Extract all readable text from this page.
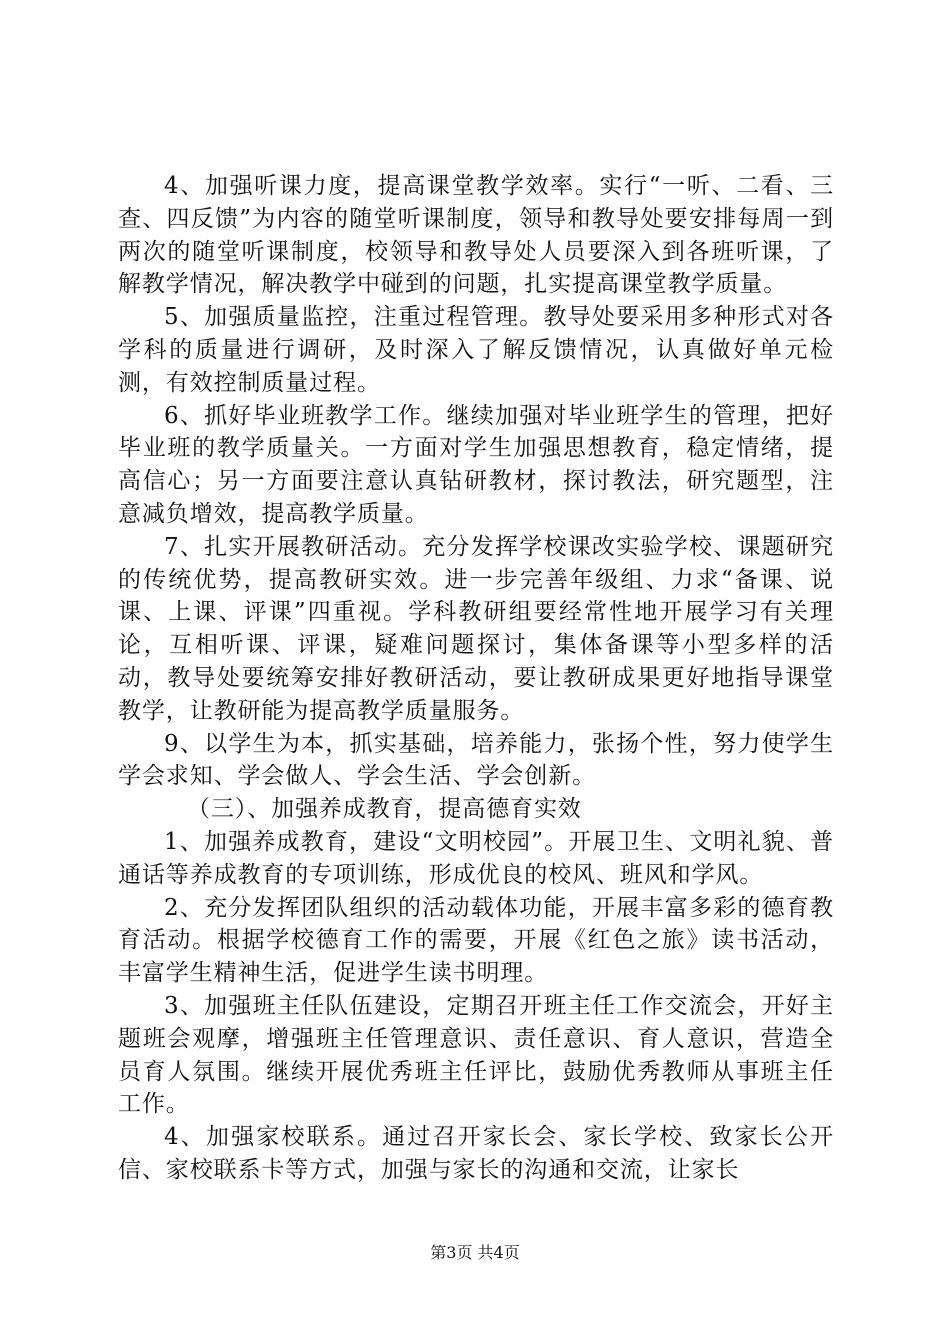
4、加强听课力度，提高课堂教学效率。实行“一听、二看、三查、四反馈”为内容的随堂听课制度，领导和教导处要安排每周一到两次的随堂听课制度，校领导和教导处人员要深入到各班听课，了解教学情况，解决教学中碰到的问题，扎实提高课堂教学质量。

5、加强质量监控，注重过程管理。教导处要采用多种形式对各学科的质量进行调研，及时深入了解反馈情况，认真做好单元检测，有效控制质量过程。

6、抓好毕业班教学工作。继续加强对毕业班学生的管理，把好毕业班的教学质量关。一方面对学生加强思想教育，稳定情绪，提高信心；另一方面要注意认真钻研教材，探讨教法，研究题型，注意减负增效，提高教学质量。

7、扎实开展教研活动。充分发挥学校课改实验学校、课题研究的传统优势，提高教研实效。进一步完善年级组、力求“备课、说课、上课、评课”四重视。学科教研组要经常性地开展学习有关理论，互相听课、评课，疑难问题探讨，集体备课等小型多样的活动，教导处要统筹安排好教研活动，要让教研成果更好地指导课堂教学，让教研能为提高教学质量服务。

9、以学生为本，抓实基础，培养能力，张扬个性，努力使学生学会求知、学会做人、学会生活、学会创新。

（三）、加强养成教育，提高德育实效

1、加强养成教育，建设“文明校园”。开展卫生、文明礼貌、普通话等养成教育的专项训练，形成优良的校风、班风和学风。

2、充分发挥团队组织的活动载体功能，开展丰富多彩的德育教育活动。根据学校德育工作的需要，开展《红色之旅》读书活动，丰富学生精神生活，促进学生读书明理。

3、加强班主任队伍建设，定期召开班主任工作交流会，开好主题班会观摩，增强班主任管理意识、责任意识、育人意识，营造全员育人氛围。继续开展优秀班主任评比，鼓励优秀教师从事班主任工作。

4、加强家校联系。通过召开家长会、家长学校、致家长公开信、家校联系卡等方式，加强与家长的沟通和交流，让家长

第3页 共4页
